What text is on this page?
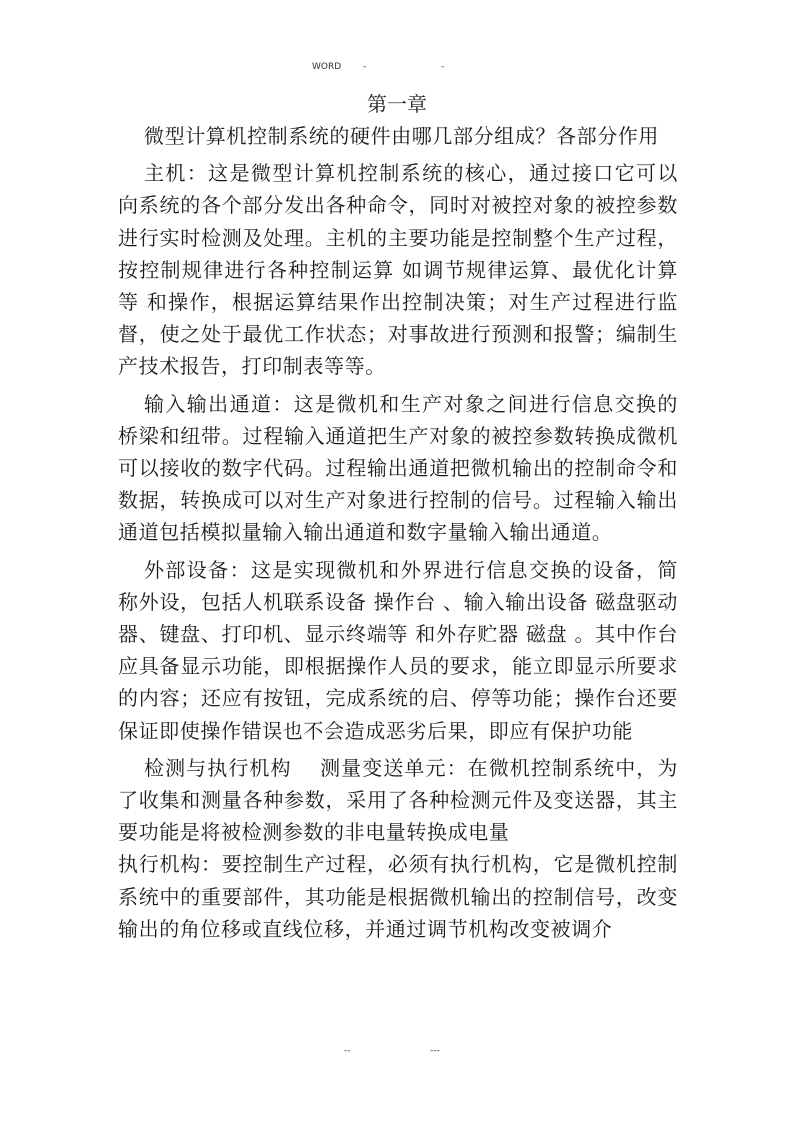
WORD -	-
第一章

微型计算机控制系统的硬件由哪几部分组成？各部分作用

主机：这是微型计算机控制系统的核心，通过接口它可以向系统的各个部分发出各种命令，同时对被控对象的被控参数进行实时检测及处理。主机的主要功能是控制整个生产过程，按控制规律进行各种控制运算 如调节规律运算、最优化计算等 和操作，根据运算结果作出控制决策；对生产过程进行监督，使之处于最优工作状态；对事故进行预测和报警；编制生产技术报告，打印制表等等。

输入输出通道：这是微机和生产对象之间进行信息交换的桥梁和纽带。过程输入通道把生产对象的被控参数转换成微机可以接收的数字代码。过程输出通道把微机输出的控制命令和数据，转换成可以对生产对象进行控制的信号。过程输入输出通道包括模拟量输入输出通道和数字量输入输出通道。

外部设备：这是实现微机和外界进行信息交换的设备，简称外设，包括人机联系设备 操作台 、输入输出设备 磁盘驱动器、键盘、打印机、显示终端等 和外存贮器 磁盘 。其中作台应具备显示功能，即根据操作人员的要求，能立即显示所要求的内容；还应有按钮，完成系统的启、停等功能；操作台还要保证即使操作错误也不会造成恶劣后果，即应有保护功能

检测与执行机构　 测量变送单元：在微机控制系统中，为了收集和测量各种参数，采用了各种检测元件及变送器，其主要功能是将被检测参数的非电量转换成电量

执行机构：要控制生产过程，必须有执行机构，它是微机控制系统中的重要部件，其功能是根据微机输出的控制信号，改变输出的角位移或直线位移，并通过调节机构改变被调介

--	---
